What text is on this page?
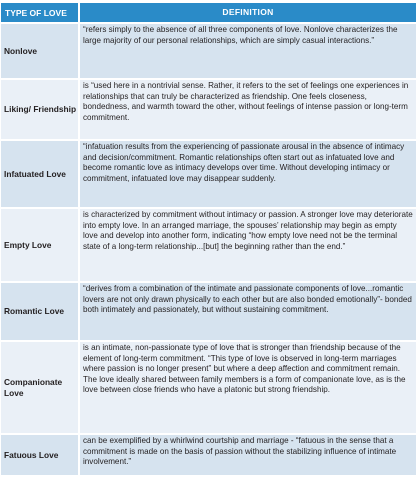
TYPE OF LOVE	DEFINITION
Nonlove
“refers simply to the absence of all three components of love. Nonlove characterizes the large majority of our personal relationships, which are simply casual interactions.”
Liking/ Friendship
is “used here in a nontrivial sense. Rather, it refers to the set of feelings one experiences in relationships that can truly be characterized as friendship. One feels closeness, bondedness, and warmth toward the other, without feelings of intense passion or long-term commitment.
Infatuated Love
“infatuation results from the experiencing of passionate arousal in the absence of intimacy and decision/commitment. Romantic relationships often start out as infatuated love and become romantic love as intimacy develops over time. Without developing intimacy or commitment, infatuated love may disappear suddenly.
Empty Love
is characterized by commitment without intimacy or passion. A stronger love may deteriorate into empty love. In an arranged marriage, the spouses’ relationship may begin as empty love and develop into another form, indicating “how empty love need not be the terminal state of a long-term relationship...[but] the beginning rather than the end.”
Romantic Love
“derives from a combination of the intimate and passionate components of love...romantic lovers are not only drawn physically to each other but are also bonded emotionally”- bonded both intimately and passionately, but without sustaining commitment.
Companionate Love
is an intimate, non-passionate type of love that is stronger than friendship because of the element of long-term commitment. “This type of love is observed in long-term marriages where passion is no longer present” but where a deep affection and commitment remain. The love ideally shared between family members is a form of companionate love, as is the love between close friends who have a platonic but strong friendship.
Fatuous Love
can be exemplified by a whirlwind courtship and marriage - “fatuous in the sense that a commitment is made on the basis of passion without the stabilizing influence of intimate involvement.”
